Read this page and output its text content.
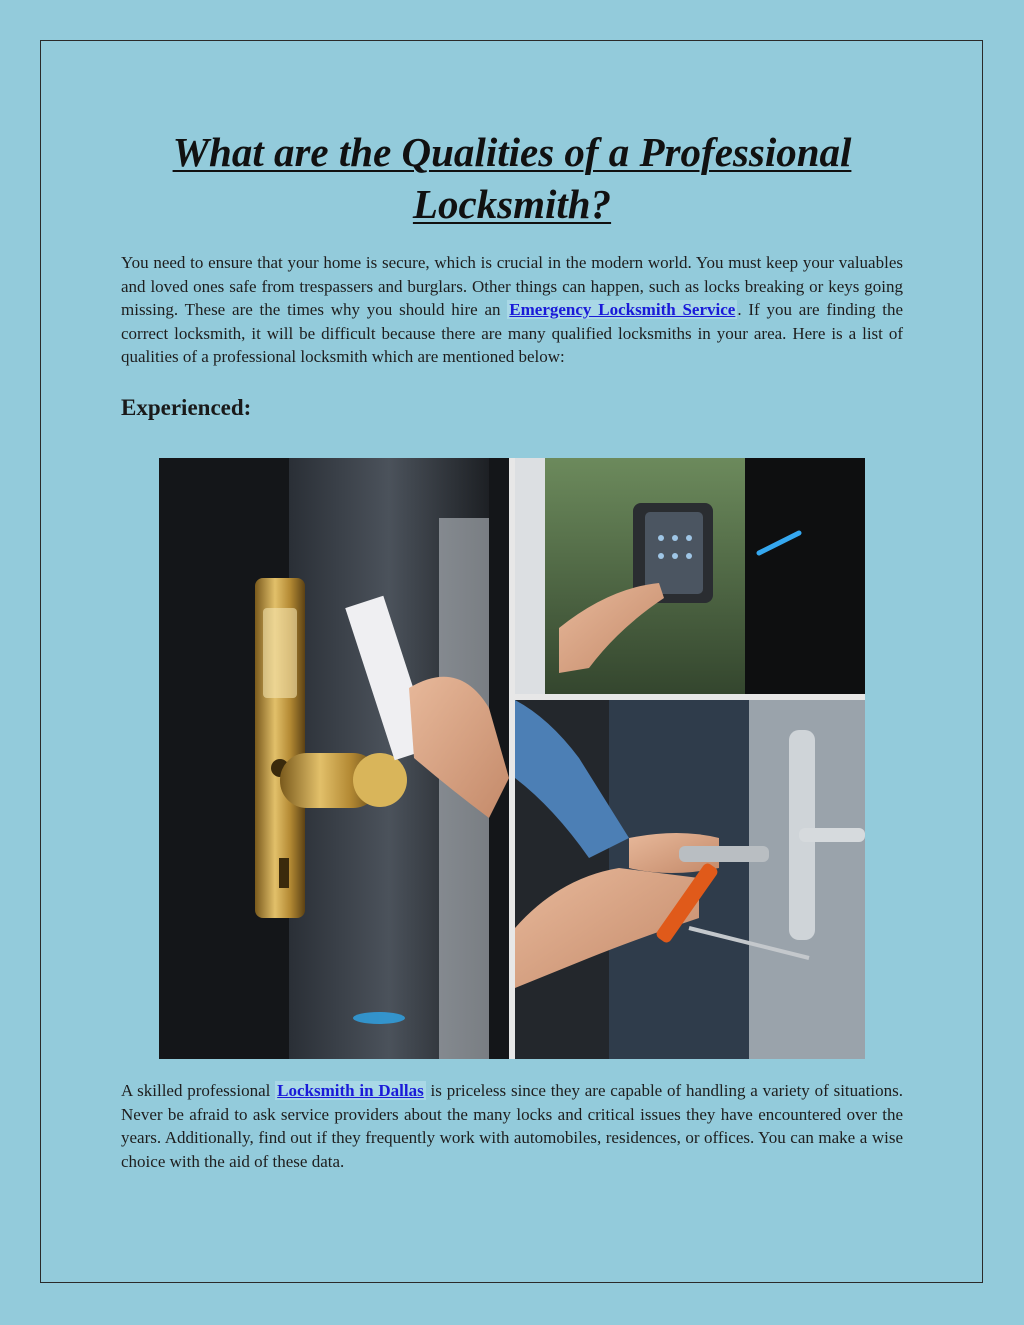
What are the Qualities of a Professional Locksmith?

You need to ensure that your home is secure, which is crucial in the modern world. You must keep your valuables and loved ones safe from trespassers and burglars. Other things can happen, such as locks breaking or keys going missing. These are the times why you should hire an Emergency Locksmith Service . If you are finding the correct locksmith, it will be difficult because there are many qualified locksmiths in your area. Here is a list of qualities of a professional locksmith which are mentioned below:

Experienced:

A skilled professional Locksmith in Dallas is priceless since they are capable of handling a variety of situations. Never be afraid to ask service providers about the many locks and critical issues they have encountered over the years. Additionally, find out if they frequently work with automobiles, residences, or offices. You can make a wise choice with the aid of these data.
